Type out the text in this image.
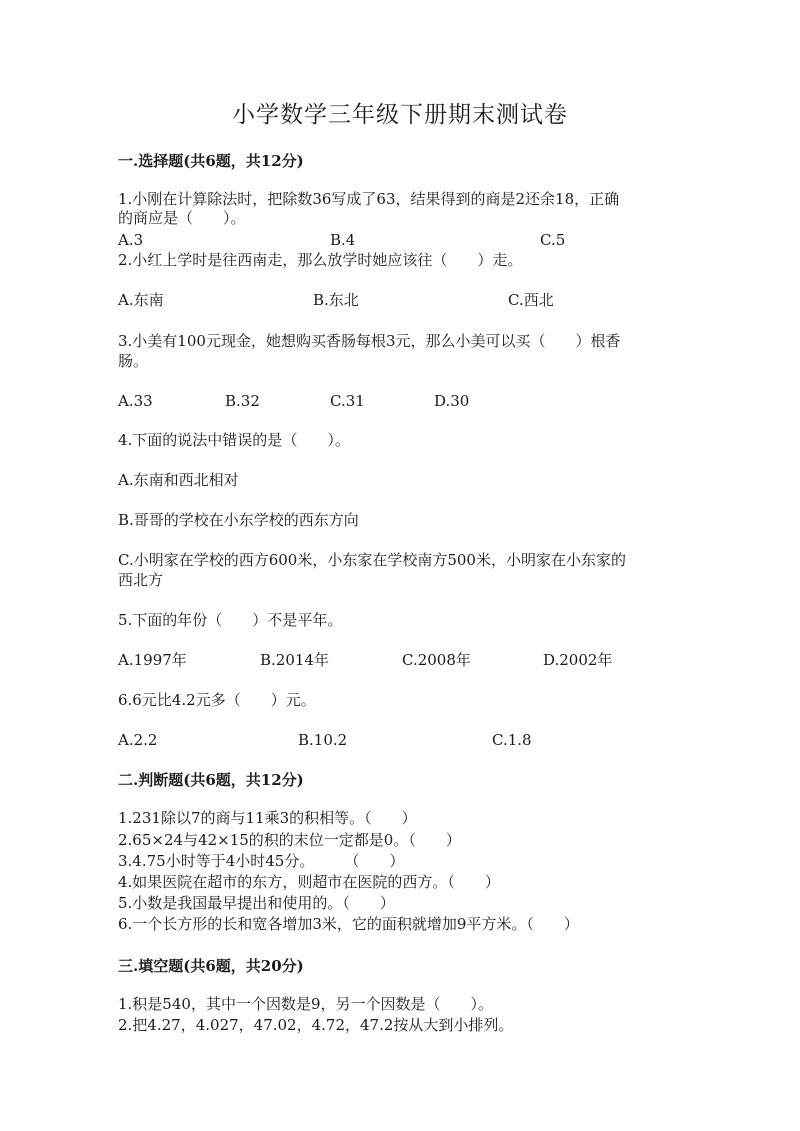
小学数学三年级下册期末测试卷
一.选择题(共6题，共12分)
1.小刚在计算除法时，把除数36写成了63，结果得到的商是2还余18，正确
的商应是（　　）。
A.3	B.4	C.5
2.小红上学时是往西南走，那么放学时她应该往（　　）走。
A.东南	B.东北	C.西北
3.小美有100元现金，她想购买香肠每根3元，那么小美可以买（　　）根香
肠。
A.33	B.32	C.31	D.30
4.下面的说法中错误的是（　　）。
A.东南和西北相对
B.哥哥的学校在小东学校的西东方向
C.小明家在学校的西方600米，小东家在学校南方500米，小明家在小东家的
西北方
5.下面的年份（　　）不是平年。
A.1997年	B.2014年	C.2008年	D.2002年
6.6元比4.2元多（　　）元。
A.2.2	B.10.2	C.1.8
二.判断题(共6题，共12分)
1.231除以7的商与11乘3的积相等。（　　）
2.65×24与42×15的积的末位一定都是0。（　　）
3.4.75小时等于4小时45分。　　　（　　）
4.如果医院在超市的东方，则超市在医院的西方。（　　）
5.小数是我国最早提出和使用的。（　　）
6.一个长方形的长和宽各增加3米，它的面积就增加9平方米。（　　）
三.填空题(共6题，共20分)
1.积是540，其中一个因数是9，另一个因数是（　　）。
2.把4.27，4.027，47.02，4.72，47.2按从大到小排列。
